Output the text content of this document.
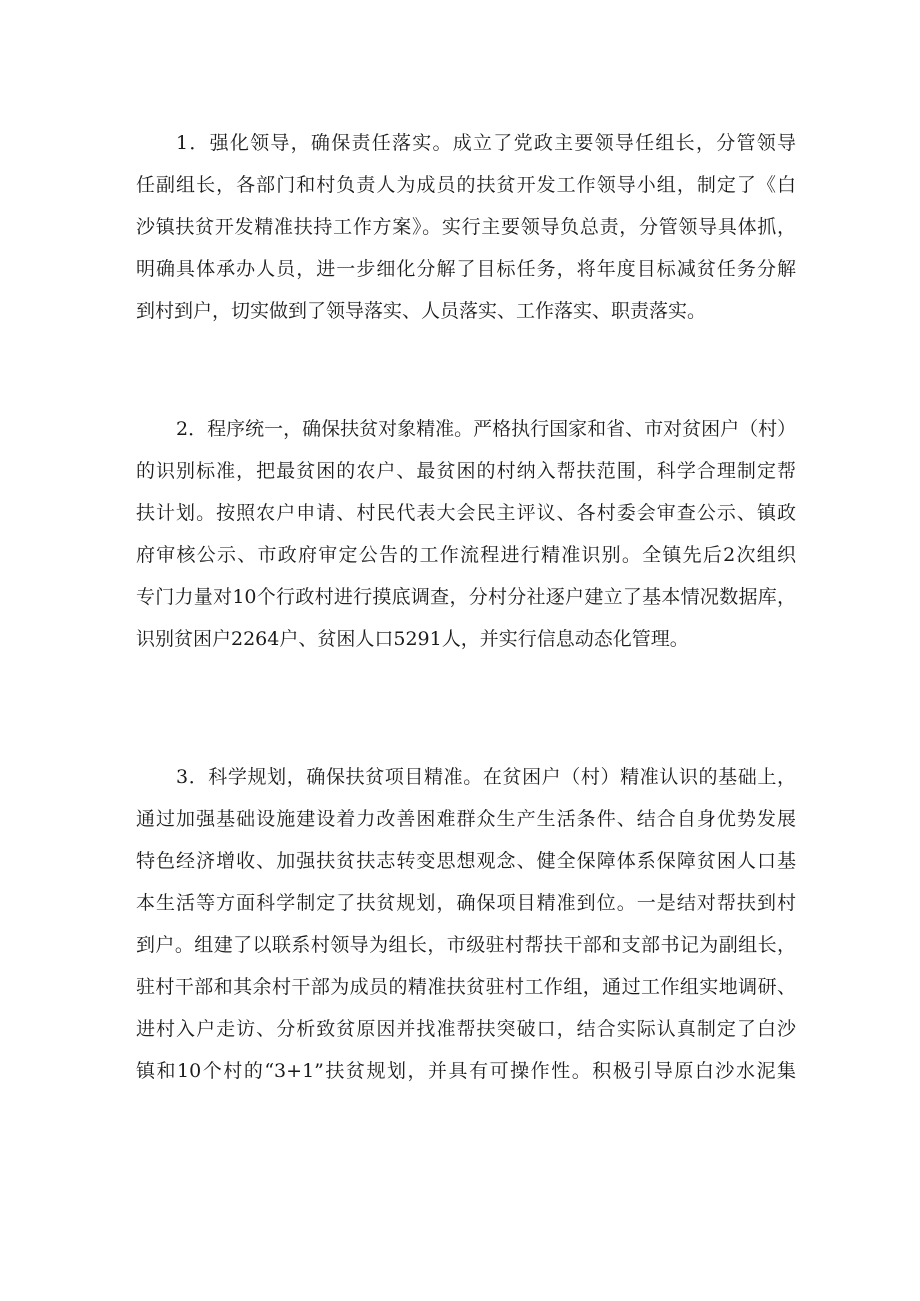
1．强化领导，确保责任落实。成立了党政主要领导任组长，分管领导
任副组长，各部门和村负责人为成员的扶贫开发工作领导小组，制定了《白
沙镇扶贫开发精准扶持工作方案》。实行主要领导负总责，分管领导具体抓，
明确具体承办人员，进一步细化分解了目标任务，将年度目标减贫任务分解
到村到户，切实做到了领导落实、人员落实、工作落实、职责落实。
2．程序统一，确保扶贫对象精准。严格执行国家和省、市对贫困户（村）
的识别标准，把最贫困的农户、最贫困的村纳入帮扶范围，科学合理制定帮
扶计划。按照农户申请、村民代表大会民主评议、各村委会审查公示、镇政
府审核公示、市政府审定公告的工作流程进行精准识别。全镇先后2次组织
专门力量对10个行政村进行摸底调查，分村分社逐户建立了基本情况数据库，
识别贫困户2264户、贫困人口5291人，并实行信息动态化管理。
3．科学规划，确保扶贫项目精准。在贫困户（村）精准认识的基础上，
通过加强基础设施建设着力改善困难群众生产生活条件、结合自身优势发展
特色经济增收、加强扶贫扶志转变思想观念、健全保障体系保障贫困人口基
本生活等方面科学制定了扶贫规划，确保项目精准到位。一是结对帮扶到村
到户。组建了以联系村领导为组长，市级驻村帮扶干部和支部书记为副组长，
驻村干部和其余村干部为成员的精准扶贫驻村工作组，通过工作组实地调研、
进村入户走访、分析致贫原因并找准帮扶突破口，结合实际认真制定了白沙
镇和10个村的“3+1”扶贫规划，并具有可操作性。积极引导原白沙水泥集
